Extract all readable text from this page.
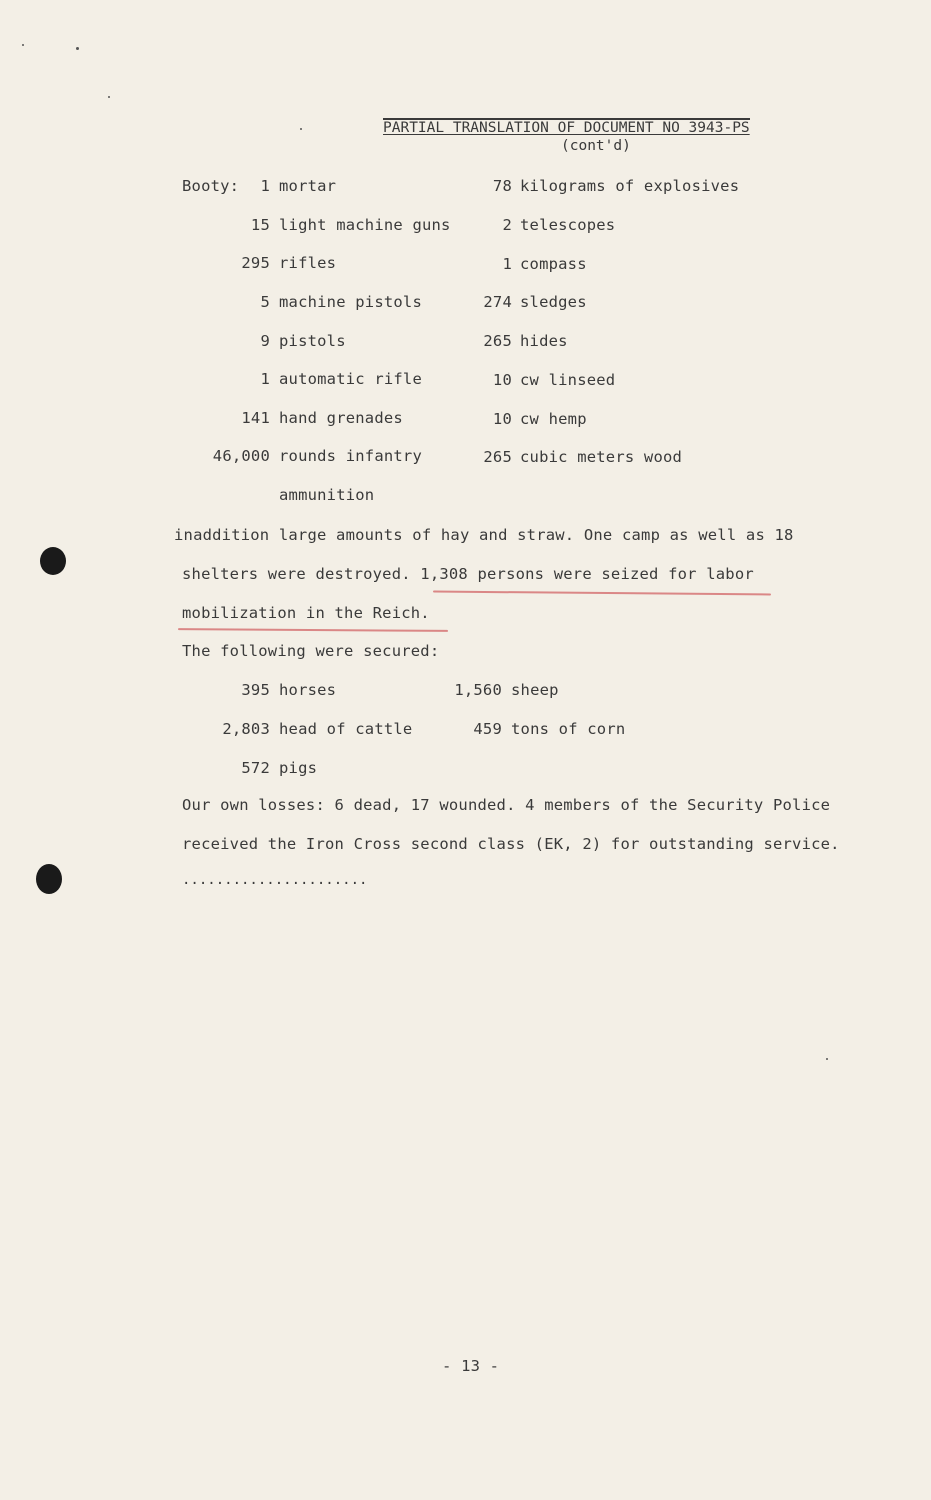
PARTIAL TRANSLATION OF DOCUMENT NO 3943-PS
(cont'd)
Booty:	1 mortar
15 light machine guns
295 rifles
5 machine pistols
9 pistols
1 automatic rifle
141 hand grenades
46,000 rounds infantry
ammunition
78 kilograms of explosives
2 telescopes
1 compass
274 sledges
265 hides
10 cw linseed
10 cw hemp
265 cubic meters wood
inaddition large amounts of hay and straw. One camp as well as 18
shelters were destroyed. 1,308 persons were seized for labor
mobilization in the Reich.
The following were secured:
395 horses
2,803 head of cattle
572 pigs
1,560 sheep
459 tons of corn
Our own losses: 6 dead, 17 wounded. 4 members of the Security Police
received the Iron Cross second class (EK, 2) for outstanding service.
......................
- 13 -
